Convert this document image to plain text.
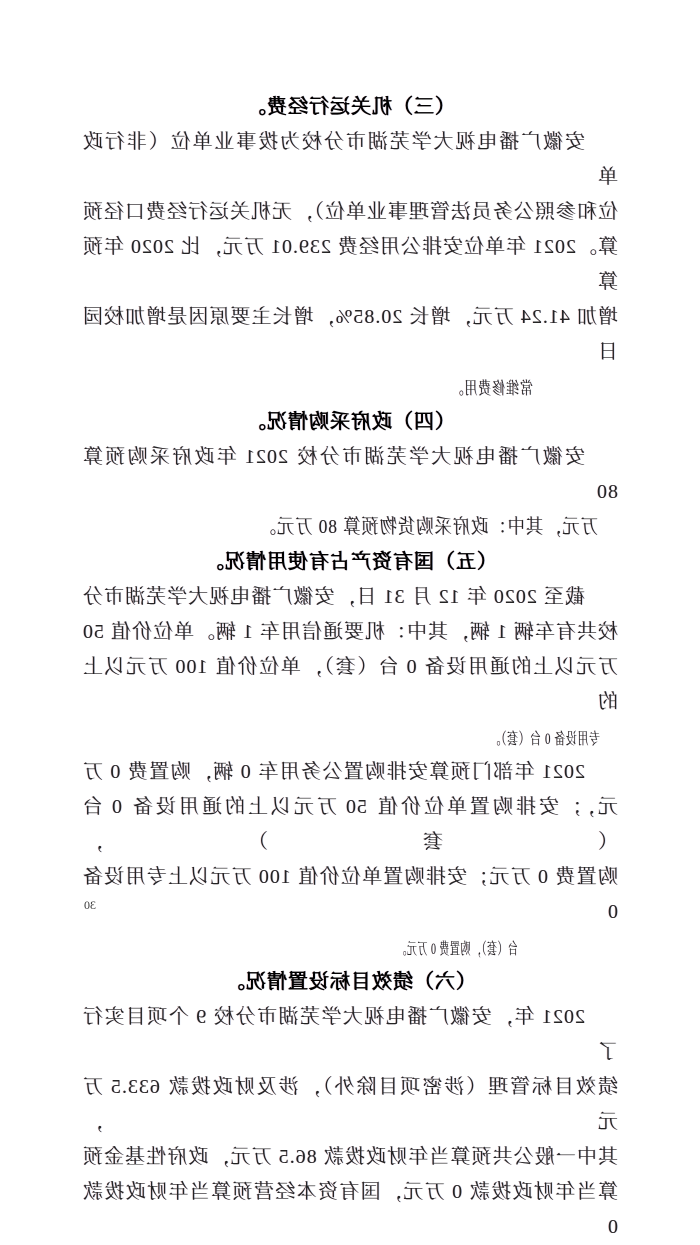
（三）机关运行经费。
安徽广播电视大学芜湖市分校为拨事业单位（非行政单
位和参照公务员法管理事业单位），无机关运行经费口径预
算。2021 年单位安排公用经费 239.01 万元，比 2020 年预算
增加 41.24 万元，增长 20.85%，增长主要原因是增加校园日
常维修费用。
（四）政府采购情况。
安徽广播电视大学芜湖市分校 2021 年政府采购预算 80
万元，其中：政府采购货物预算 80 万元。
（五）国有资产占有使用情况。
截至 2020 年 12 月 31 日，安徽广播电视大学芜湖市分
校共有车辆 1 辆，其中：机要通信用车 1 辆。单位价值 50
万元以上的通用设备 0 台（套），单位价值 100 万元以上的
专用设备 0 台（套）。
2021 年部门预算安排购置公务用车 0 辆，购置费 0 万
元，；安排购置单位价值 50 万元以上的通用设备 0 台（套），
购置费 0 万元；安排购置单位价值 100 万元以上专用设备 0
台（套），购置费 0 万元。
（六）绩效目标设置情况。
2021 年，安徽广播电视大学芜湖市分校 9 个项目实行了
绩效目标管理（涉密项目除外），涉及财政拨款 633.5 万元，
其中一般公共预算当年财政拨款 86.5 万元，政府性基金预
算当年财政拨款 0 万元，国有资本经营预算当年财政拨款 0
30
